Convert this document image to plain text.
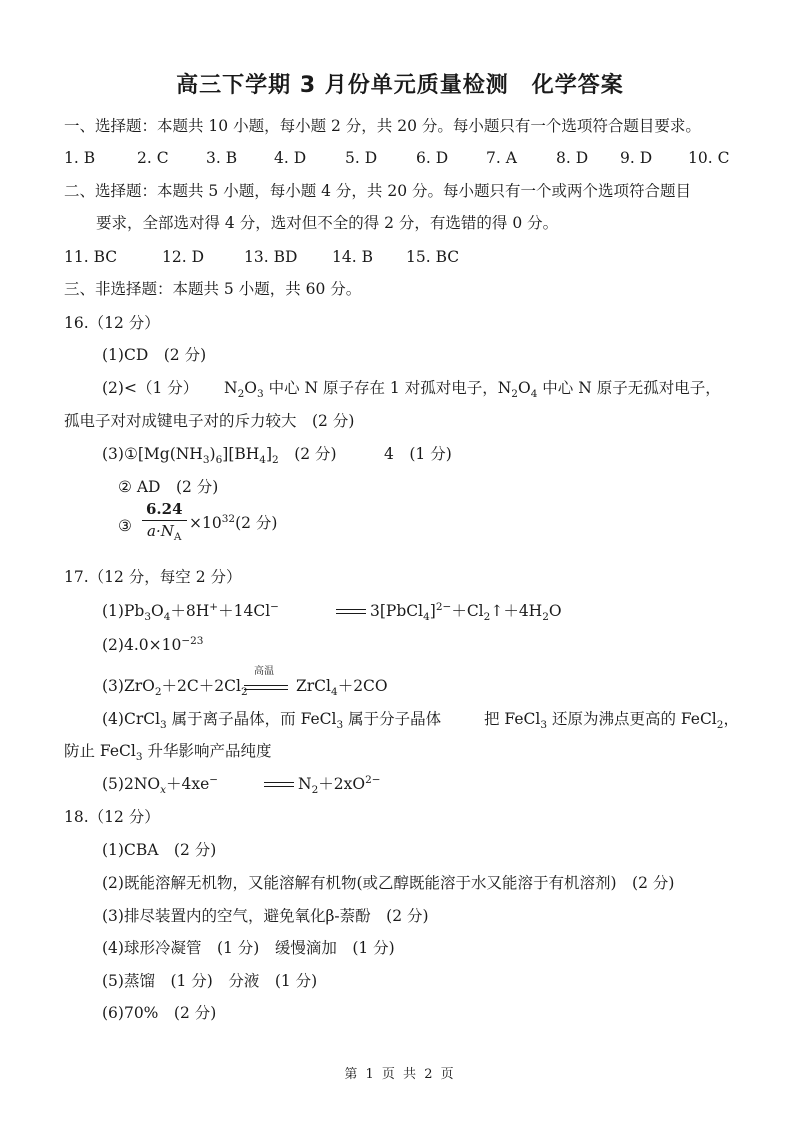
高三下学期 3 月份单元质量检测　化学答案
一、选择题：本题共 10 小题，每小题 2 分，共 20 分。每小题只有一个选项符合题目要求。
1. B	2. C 3. B 4. D	5. D	6. D 7. A	8. D 9. D 10. C
二、选择题：本题共 5 小题，每小题 4 分，共 20 分。每小题只有一个或两个选项符合题目
要求，全部选对得 4 分，选对但不全的得 2 分，有选错的得 0 分。
11. BC	12. D	13. BD 14. B 15. BC
三、非选择题：本题共 5 小题，共 60 分。
16.（12 分）
(1)CD　(2 分)
(2)<（1 分） $N_2O_3$ 中心 N 原子存在 1 对孤对电子，$N_2O_4$ 中心 N 原子无孤对电子，
孤电子对对成键电子对的斥力较大　(2 分)
$(3)①[Mg(NH_3)_6][BH_4]_2$　(2 分)	4　(1 分)
② AD　(2 分)
③ $\frac{6.24}{a\cdot N_A} \times 10^{32}(2$ 分)
17.（12 分，每空 2 分）
$(1)Pb_3O_4+8H^++14Cl^-$	$3[PbCl_4]^{2-}+Cl_2↑+4H_2O$
$(2)4.0\times 10^{-23}$
$(3)ZrO_2+2C+2Cl_2$
高温
ZrCl$_4$＋2CO
(4)CrCl$_3$ 属于离子晶体，而 FeCl$_3$ 属于分子晶体	把 FeCl$_3$ 还原为沸点更高的 FeCl$_2$，
防止 FeCl$_3$ 升华影响产品纯度
$(5)2NO_x+4xe^-$	$N_2+2xO^{2-}$
18.（12 分）
(1)CBA　(2 分)
(2)既能溶解无机物，又能溶解有机物(或乙醇既能溶于水又能溶于有机溶剂)　(2 分)
(3)排尽装置内的空气，避免氧化β-萘酚　(2 分)
(4)球形冷凝管　(1 分)　缓慢滴加　(1 分)
(5)蒸馏　(1 分)　分液　(1 分)
(6)70%　(2 分)
第 1 页 共 2 页
